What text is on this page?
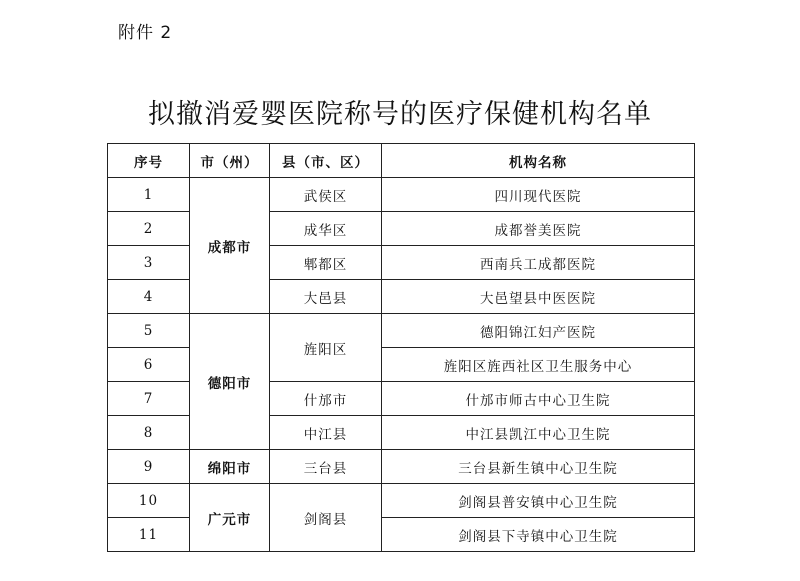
附件 2
拟撤消爱婴医院称号的医疗保健机构名单
序号	市（州）	县（市、区）	机构名称
1	成都市	武侯区	四川现代医院
2		成华区	成都誉美医院
3		郫都区	西南兵工成都医院
4		大邑县	大邑望县中医医院
5	德阳市	旌阳区	德阳锦江妇产医院
6			旌阳区旌西社区卫生服务中心
7		什邡市	什邡市师古中心卫生院
8		中江县	中江县凯江中心卫生院
9	绵阳市	三台县	三台县新生镇中心卫生院
10	广元市	剑阁县	剑阁县普安镇中心卫生院
11			剑阁县下寺镇中心卫生院
